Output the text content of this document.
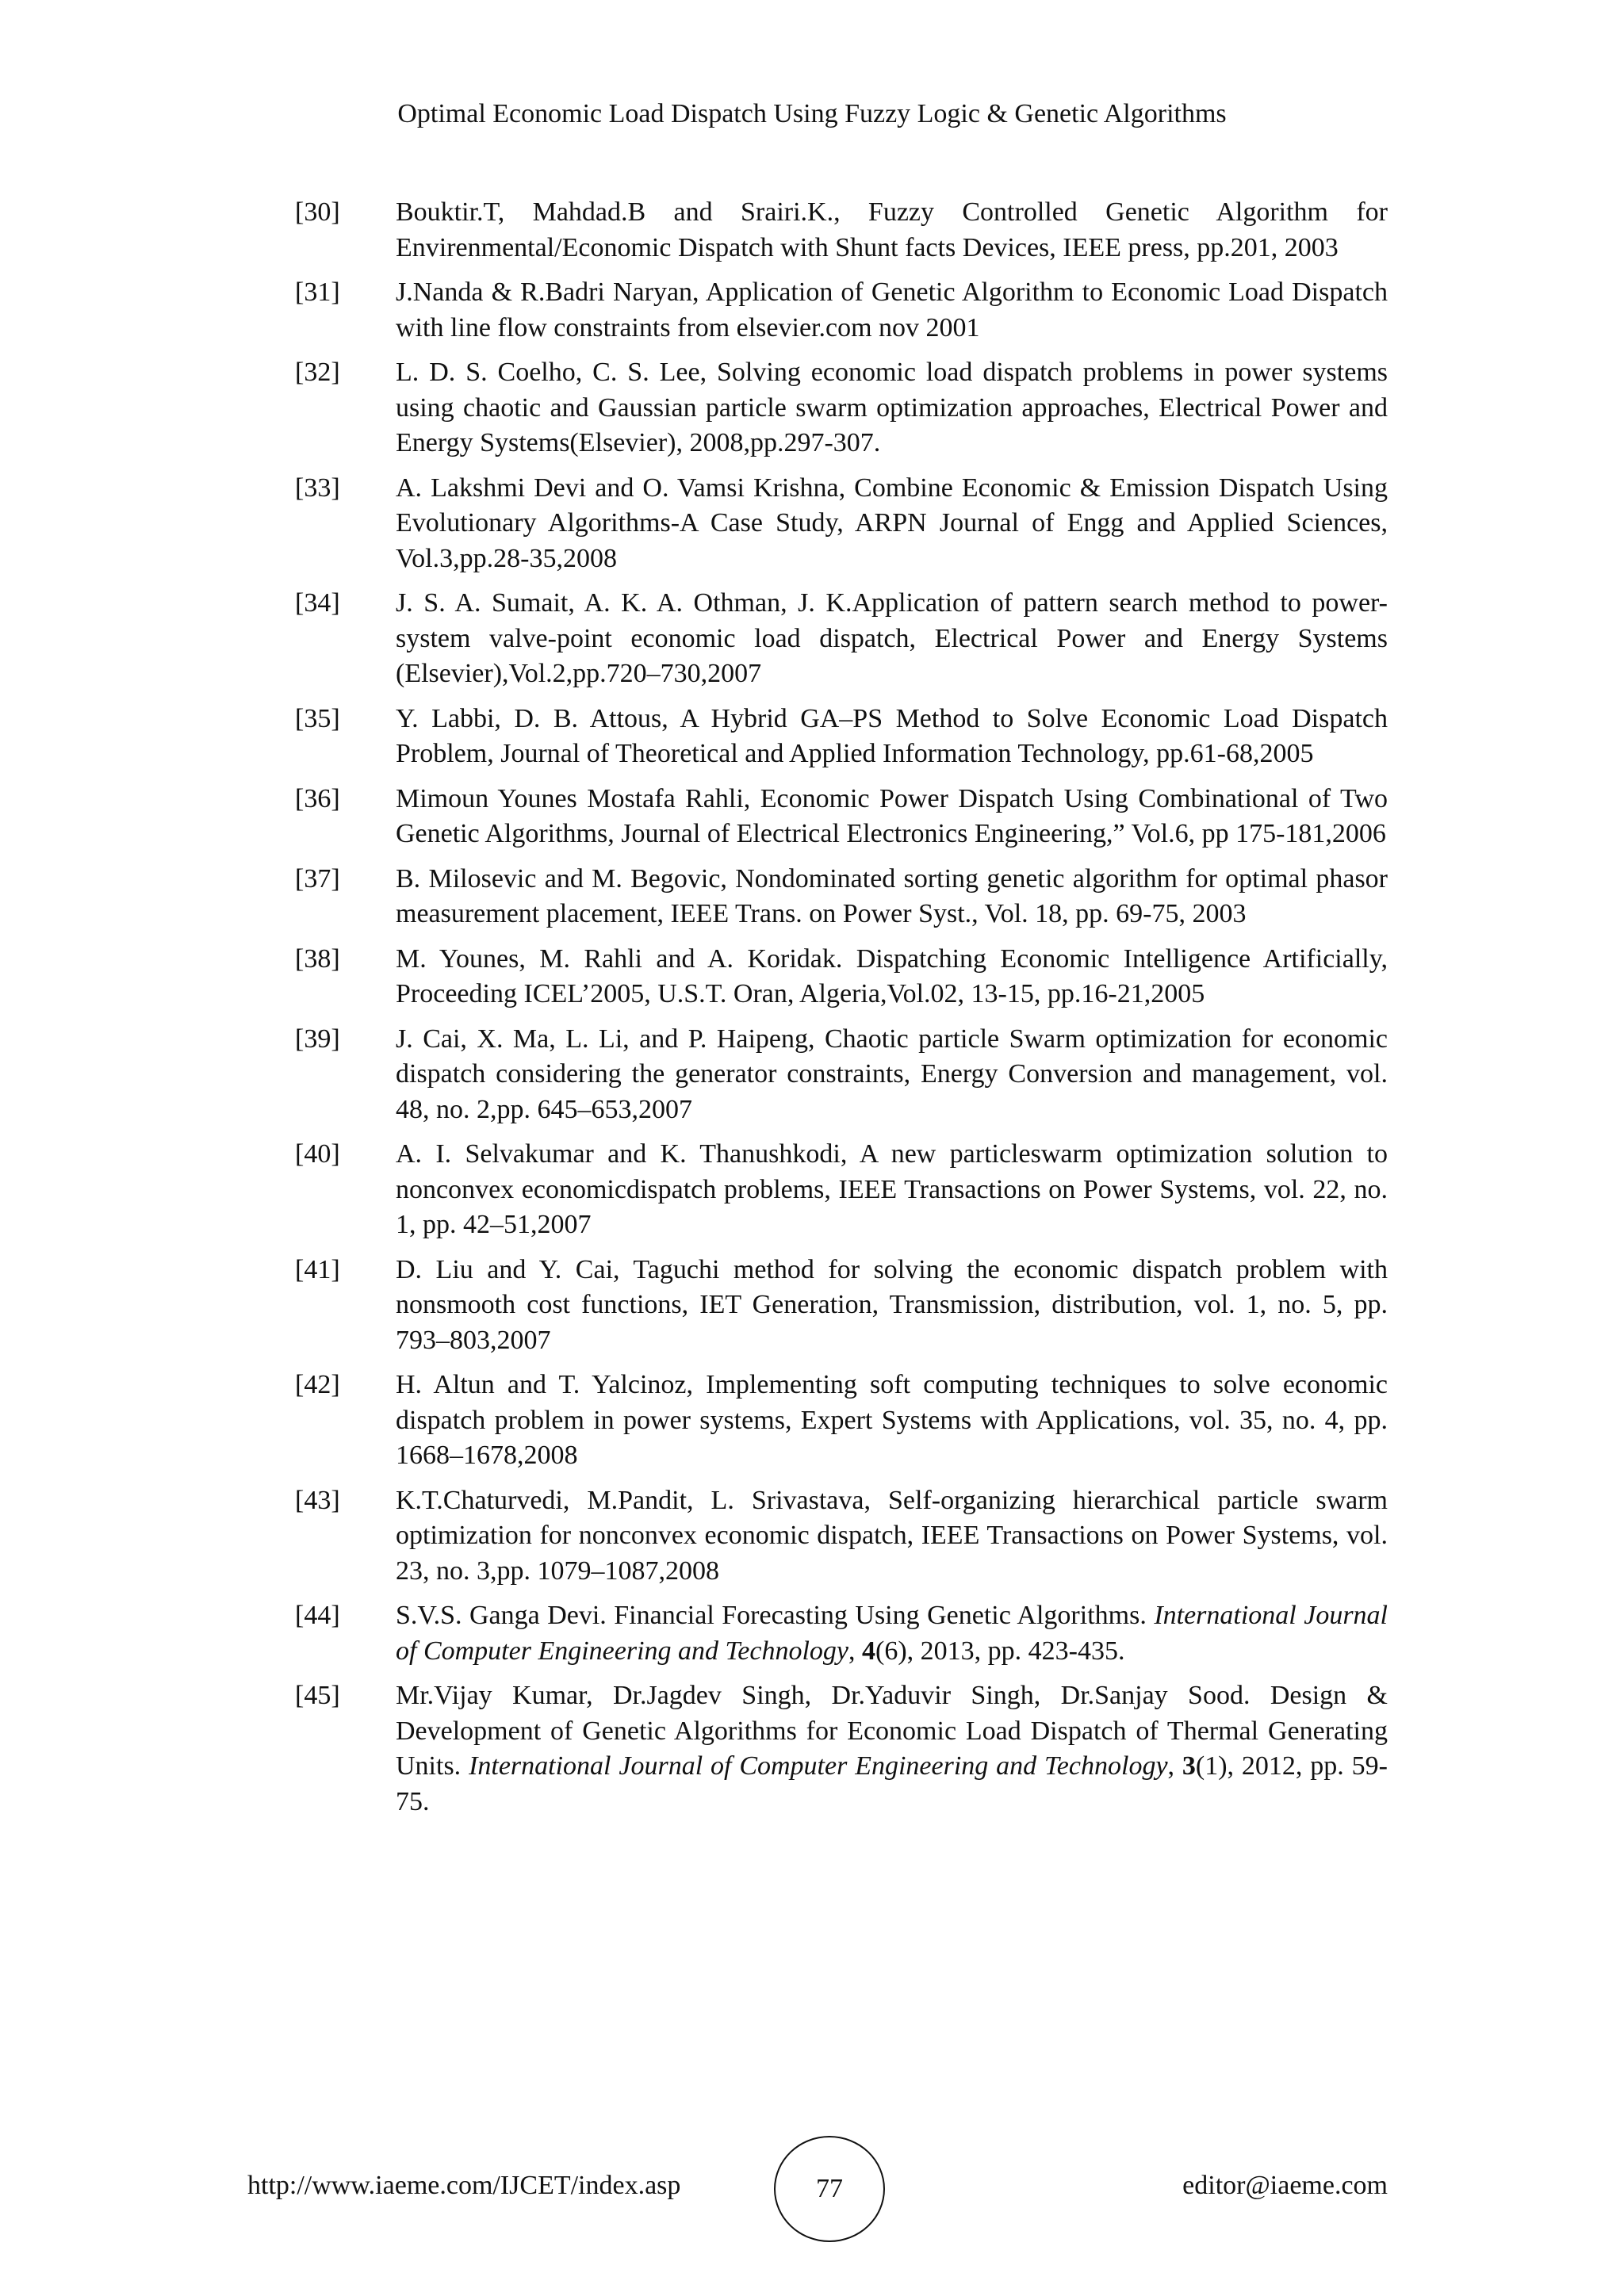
Optimal Economic Load Dispatch Using Fuzzy Logic & Genetic Algorithms
[30]	Bouktir.T, Mahdad.B and Srairi.K., Fuzzy Controlled Genetic Algorithm for Envirenmental/Economic Dispatch with Shunt facts Devices, IEEE press, pp.201, 2003
[31]	J.Nanda & R.Badri Naryan, Application of Genetic Algorithm to Economic Load Dispatch with line flow constraints from elsevier.com nov 2001
[32]	L. D. S. Coelho, C. S. Lee, Solving economic load dispatch problems in power systems using chaotic and Gaussian particle swarm optimization approaches, Electrical Power and Energy Systems(Elsevier), 2008,pp.297-307.
[33]	A. Lakshmi Devi and O. Vamsi Krishna, Combine Economic & Emission Dispatch Using Evolutionary Algorithms-A Case Study, ARPN Journal of Engg and Applied Sciences, Vol.3,pp.28-35,2008
[34]	J. S. A. Sumait, A. K. A. Othman, J. K.Application of pattern search method to power-system valve-point economic load dispatch, Electrical Power and Energy Systems (Elsevier),Vol.2,pp.720–730,2007
[35]	Y. Labbi, D. B. Attous, A Hybrid GA–PS Method to Solve Economic Load Dispatch Problem, Journal of Theoretical and Applied Information Technology, pp.61-68,2005
[36]	Mimoun Younes Mostafa Rahli, Economic Power Dispatch Using Combinational of Two Genetic Algorithms, Journal of Electrical Electronics Engineering,” Vol.6, pp 175-181,2006
[37]	B. Milosevic and M. Begovic, Nondominated sorting genetic algorithm for optimal phasor measurement placement, IEEE Trans. on Power Syst., Vol. 18, pp. 69-75, 2003
[38]	M. Younes, M. Rahli and A. Koridak. Dispatching Economic Intelligence Artificially, Proceeding ICEL’2005, U.S.T. Oran, Algeria,Vol.02, 13-15, pp.16-21,2005
[39]	J. Cai, X. Ma, L. Li, and P. Haipeng, Chaotic particle Swarm optimization for economic dispatch considering the generator constraints, Energy Conversion and management, vol. 48, no. 2,pp. 645–653,2007
[40]	A. I. Selvakumar and K. Thanushkodi, A new particleswarm optimization solution to nonconvex economicdispatch problems, IEEE Transactions on Power Systems, vol. 22, no. 1, pp. 42–51,2007
[41]	D. Liu and Y. Cai, Taguchi method for solving the economic dispatch problem with nonsmooth cost functions, IET Generation, Transmission, distribution, vol. 1, no. 5, pp. 793–803,2007
[42]	H. Altun and T. Yalcinoz, Implementing soft computing techniques to solve economic dispatch problem in power systems, Expert Systems with Applications, vol. 35, no. 4, pp. 1668–1678,2008
[43]	K.T.Chaturvedi, M.Pandit, L. Srivastava, Self-organizing hierarchical particle swarm optimization for nonconvex economic dispatch, IEEE Transactions on Power Systems, vol. 23, no. 3,pp. 1079–1087,2008
[44]	S.V.S. Ganga Devi. Financial Forecasting Using Genetic Algorithms. International Journal of Computer Engineering and Technology, 4(6), 2013, pp. 423-435.
[45]	Mr.Vijay Kumar, Dr.Jagdev Singh, Dr.Yaduvir Singh, Dr.Sanjay Sood. Design & Development of Genetic Algorithms for Economic Load Dispatch of Thermal Generating Units. International Journal of Computer Engineering and Technology, 3(1), 2012, pp. 59-75.
http://www.iaeme.com/IJCET/index.asp	77	editor@iaeme.com
